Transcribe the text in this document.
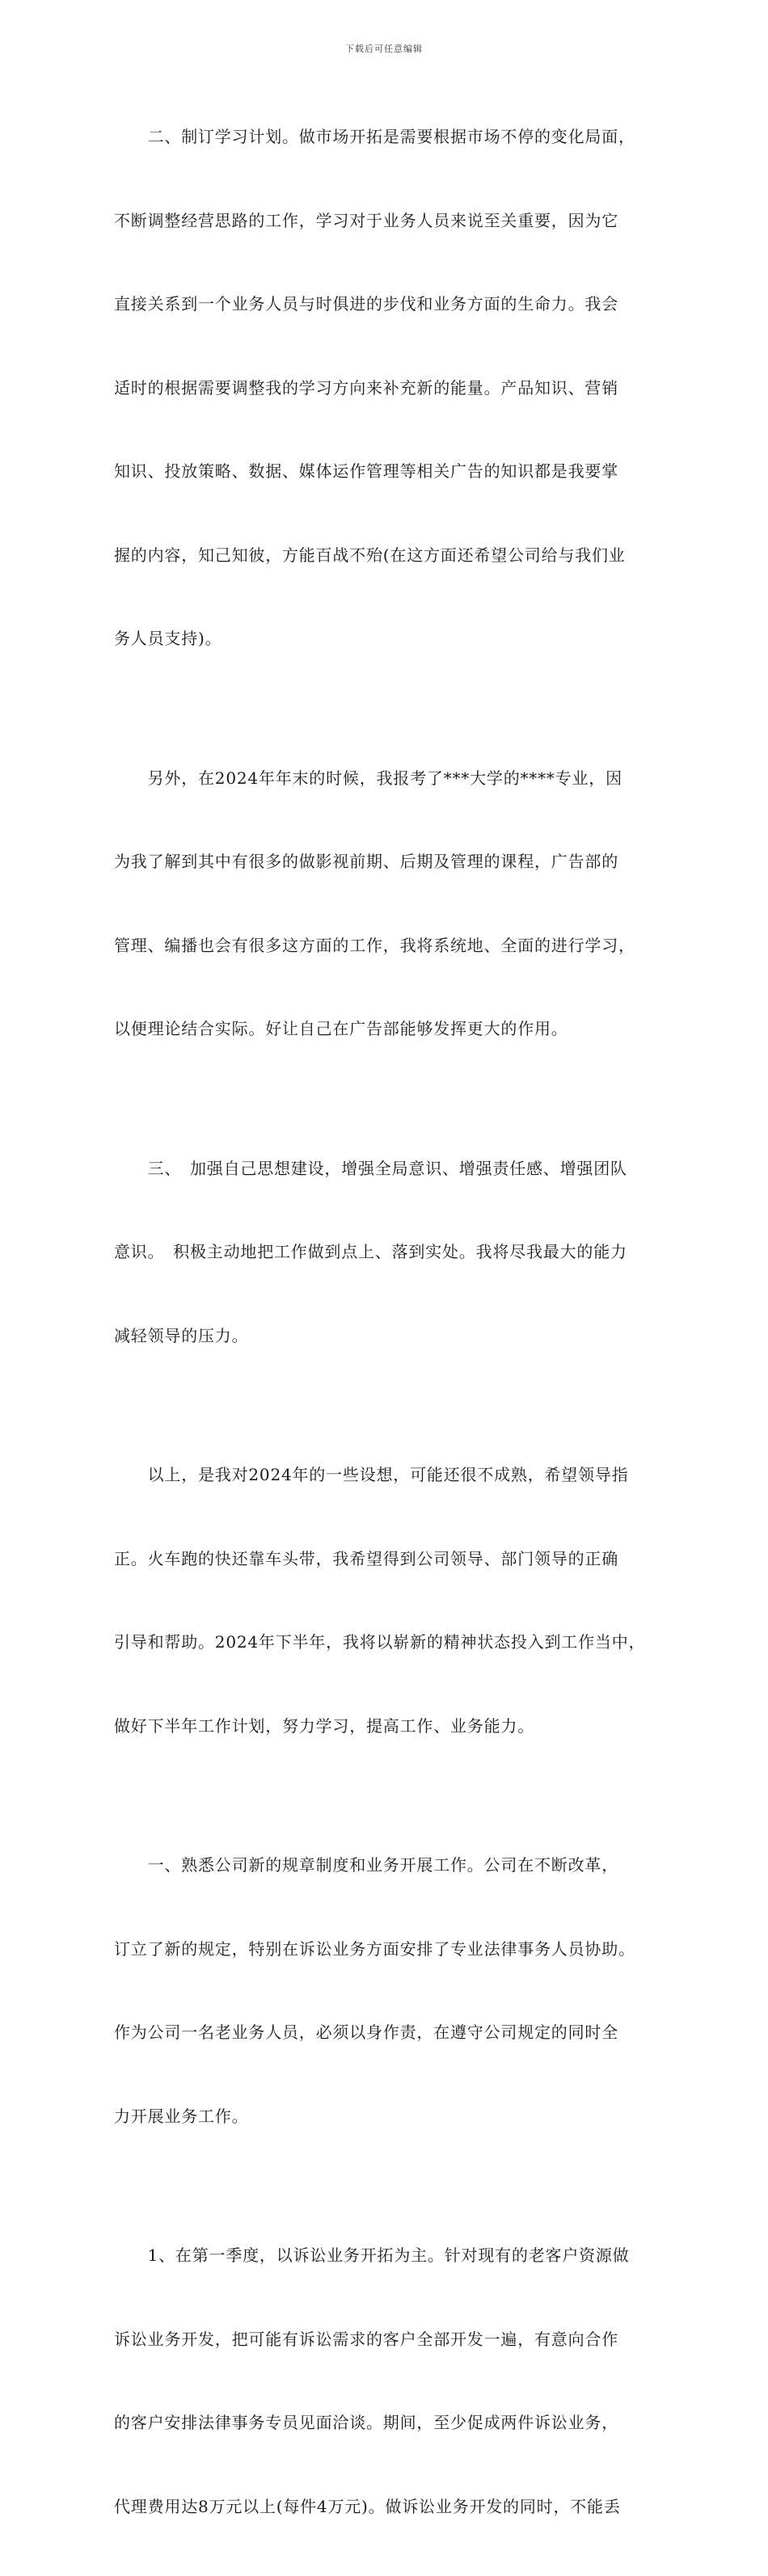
下载后可任意编辑

　　二、制订学习计划。做市场开拓是需要根据市场不停的变化局面，

不断调整经营思路的工作，学习对于业务人员来说至关重要，因为它

直接关系到一个业务人员与时俱进的步伐和业务方面的生命力。我会

适时的根据需要调整我的学习方向来补充新的能量。产品知识、营销

知识、投放策略、数据、媒体运作管理等相关广告的知识都是我要掌

握的内容，知己知彼，方能百战不殆(在这方面还希望公司给与我们业

务人员支持)。

　　另外，在2024年年末的时候，我报考了***大学的****专业，因

为我了解到其中有很多的做影视前期、后期及管理的课程，广告部的

管理、编播也会有很多这方面的工作，我将系统地、全面的进行学习，

以便理论结合实际。好让自己在广告部能够发挥更大的作用。

　　三、　加强自己思想建设，增强全局意识、增强责任感、增强团队

意识。　积极主动地把工作做到点上、落到实处。我将尽我最大的能力

减轻领导的压力。

　　以上，是我对2024年的一些设想，可能还很不成熟，希望领导指

正。火车跑的快还靠车头带，我希望得到公司领导、部门领导的正确

引导和帮助。2024年下半年，我将以崭新的精神状态投入到工作当中，

做好下半年工作计划，努力学习，提高工作、业务能力。

　　一、熟悉公司新的规章制度和业务开展工作。公司在不断改革，

订立了新的规定，特别在诉讼业务方面安排了专业法律事务人员协助。

作为公司一名老业务人员，必须以身作责，在遵守公司规定的同时全

力开展业务工作。

　　1、在第一季度，以诉讼业务开拓为主。针对现有的老客户资源做

诉讼业务开发，把可能有诉讼需求的客户全部开发一遍，有意向合作

的客户安排法律事务专员见面洽谈。期间，至少促成两件诉讼业务，

代理费用达8万元以上(每件4万元)。做诉讼业务开发的同时，不能丢
